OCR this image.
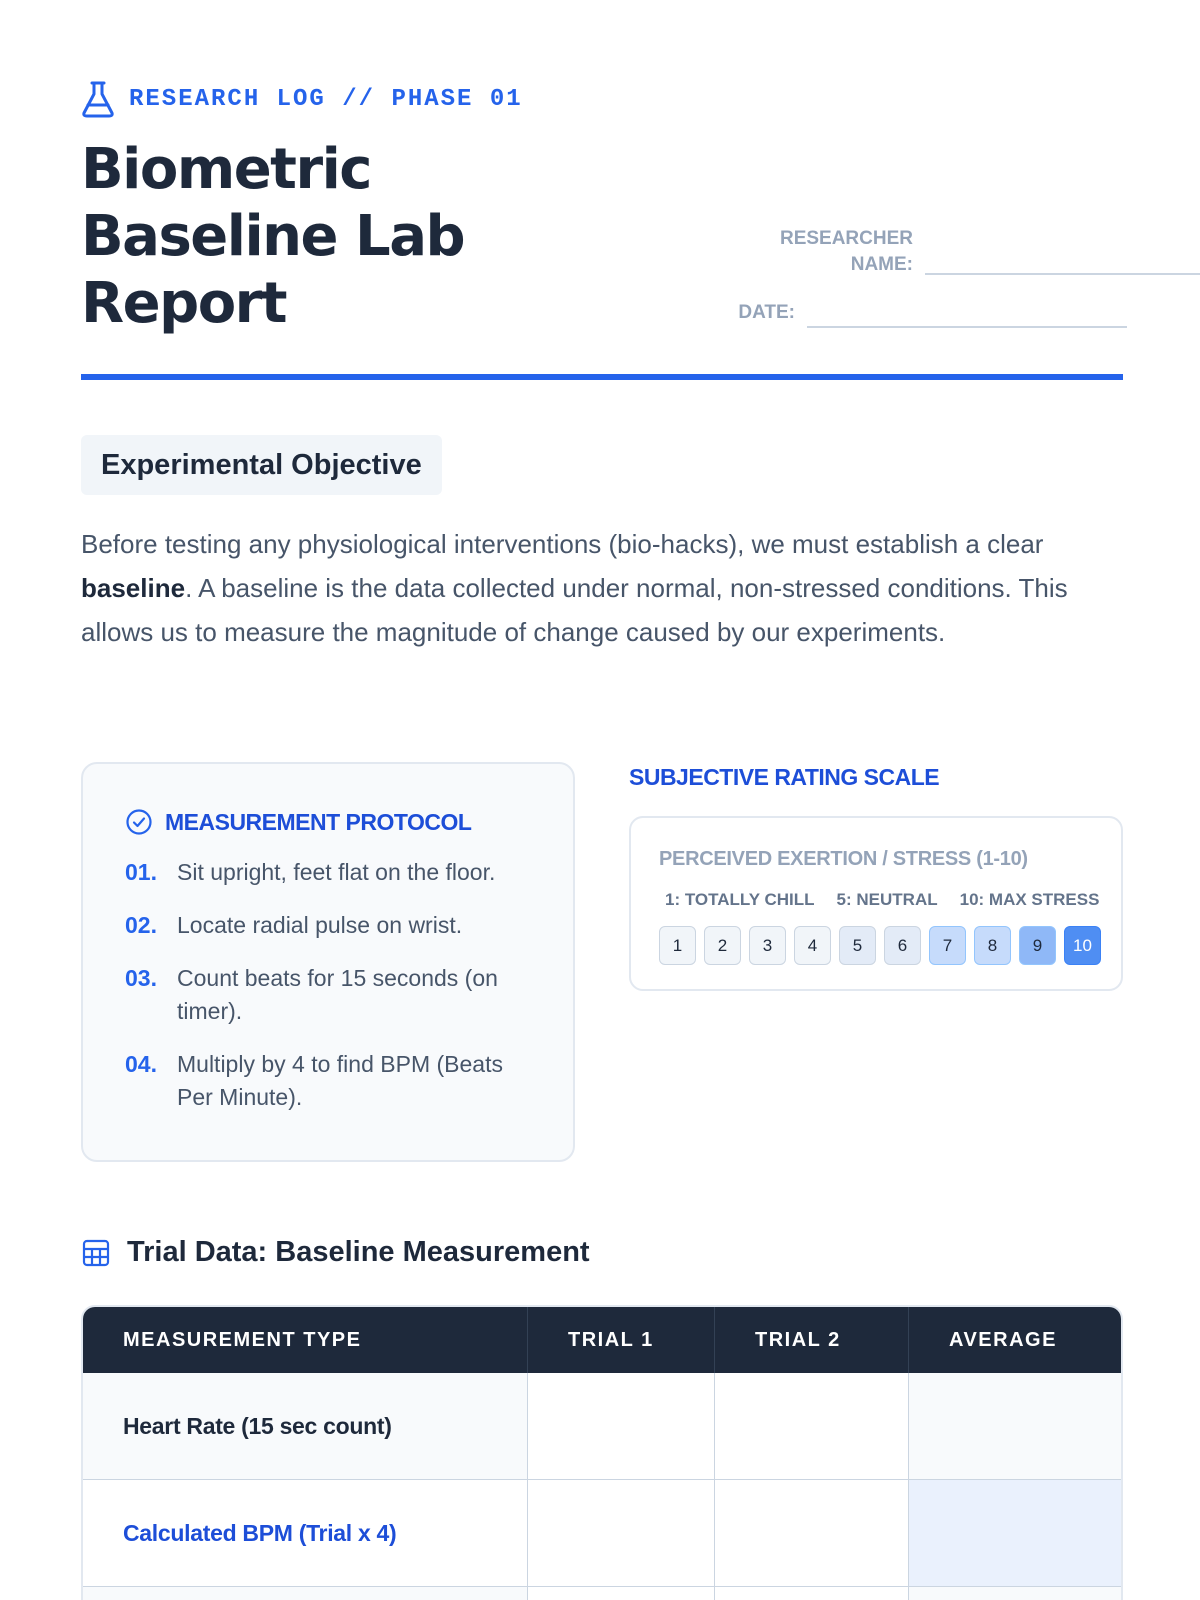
RESEARCH LOG // PHASE 01
Biometric Baseline Lab Report
RESEARCHER
NAME:
DATE:
Experimental Objective

Before testing any physiological interventions (bio-hacks), we must establish a clear baseline. A baseline is the data collected under normal, non-stressed conditions. This allows us to measure the magnitude of change caused by our experiments.

MEASUREMENT PROTOCOL
01. Sit upright, feet flat on the floor.
02. Locate radial pulse on wrist.
03. Count beats for 15 seconds (on timer).
04. Multiply by 4 to find BPM (Beats Per Minute).
SUBJECTIVE RATING SCALE
PERCEIVED EXERTION / STRESS (1-10)
1: TOTALLY CHILL 5: NEUTRAL 10: MAX STRESS
1	2	3	4	5	6	7	8	9	10
Trial Data: Baseline Measurement
MEASUREMENT TYPE	TRIAL 1	TRIAL 2	AVERAGE
Heart Rate (15 sec count)
Calculated BPM (Trial x 4)
